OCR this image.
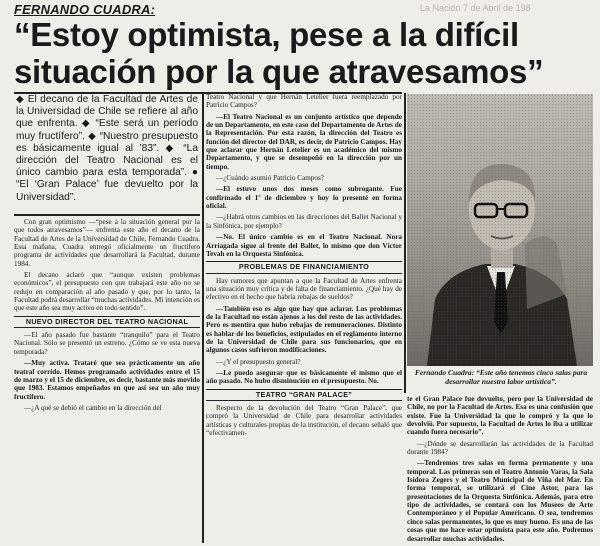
FERNANDO CUADRA:	La Nación 7 de Abril de 198
“Estoy optimista, pese a la difícil
situación por la que atravesamos”
◆ El decano de la Facultad de Artes de la Universidad de Chile se refiere al año que enfrenta. ◆ “Este será un período muy fructífero”. ◆ “Nuestro presupuesto es básicamente igual al ’83”. ◆ “La dirección del Teatro Nacional es el único cambio para esta temporada”. ● “El ‘Gran Palace’ fue devuelto por la Universidad”.

Con gran optimismo —“pese a la situación general por la que todos atravesamos”— enfrenta este año el decano de la Facultad de Artes de la Universidad de Chile, Fernando Cuadra. Esta mañana, Cuadra entregó oficialmente un fructífero programa de actividades que desarrollará la Facultad, durante 1984.

El decano aclaró que “aunque existen problemas económicos”, el presupuesto con que trabajará este año no se redujo en comparación al año pasado y que, por lo tanto, la Facultad podrá desarrollar “muchas actividades. Mi intención es que este año sea muy activo en todo sentido”.

NUEVO DIRECTOR DEL TEATRO NACIONAL

—El año pasado fue bastante “tranquilo” para el Teatro Nacional. Sólo se presentó un estreno. ¿Cómo se ve esta nueva temporada?

—Muy activa. Trataré que sea prácticamente un año teatral corrido. Hemos programado actividades entre el 15 de marzo y el 15 de diciembre, es decir, bastante más movido que 1983. Estamos empeñados en que así sea un año muy fructífero.

—¿A qué se debió el cambio en la dirección del

Teatro Nacional y que Hernán Letelier fuera reemplazado por Patricio Campos?

—El Teatro Nacional es un conjunto artístico que depende de un Departamento, en este caso del Departamento de Artes de la Representación. Por esta razón, la dirección del Teatro es función del director del DAR, es decir, de Patricio Campos. Hay que aclarar que Hernán Letelier es un académico del mismo Departamento, y que se desempeñó en la dirección por un tiempo.

—¿Cuándo asumió Patricio Campos?

—El estuvo unos dos meses como subrogante. Fue confirmado el 1º de diciembre y hoy lo presenté en forma oficial.

—¿Habrá otros cambios en las direcciones del Ballet Nacional y la Sinfónica, por ejemplo?

—No. El único cambio es en el Teatro Nacional. Nora Arriagada sigue al frente del Ballet, lo mismo que don Víctor Tevah en la Orquesta Sinfónica.

PROBLEMAS DE FINANCIAMIENTO

Hay rumores que apuntan a que la Facultad de Artes enfrenta una situación muy crítica y de falta de financiamiento. ¿Qué hay de efectivo en el hecho que habría rebajas de sueldos?

—También eso es algo que hay que aclarar. Los problemas de la Facultad no están ajenos a los del resto de las actividades. Pero es mentira que hubo rebajas de remuneraciones. Distinto es hablar de los beneficios, estipulados en el reglamento interno de la Universidad de Chile para sus funcionarios, que en algunos casos sufrieron modificaciones.

—¿Y el presupuesto general?

—Le puedo asegurar que es básicamente el mismo que el año pasado. No hubo disminución en el presupuesto. No.

TEATRO “GRAN PALACE”

Respecto de la devolución del Teatro “Gran Palace”, que compró la Universidad de Chile para desarrollar actividades artísticas y culturales propias de la institución, el decano señaló que “efectivamen-

Fernando Cuadra: “Este año tenemos cinco salas para desarrollar nuestra labor artística”.

te el Gran Palace fue devuelto, pero por la Universidad de Chile, no por la Facultad de Artes. Esa es una confusión que existe. Fue la Universidad la que lo compró y la que lo devolvió. Por supuesto, la Facultad de Artes lo iba a utilizar cuando fuera necesario”.

—¿Dónde se desarrollarán las actividades de la Facultad durante 1984?

—Tendremos tres salas en forma permanente y una temporal. Las primeras son el Teatro Antonio Varas, la Sala Isidora Zegers y el Teatro Municipal de Viña del Mar. En forma temporal, se utilizará el Cine Astor, para las presentaciones de la Orquesta Sinfónica. Además, para otro tipo de actividades, se contará con los Museos de Arte Contemporáneo y el Popular Americano. O sea, tendremos cinco salas permanentes, lo que es muy bueno. Es una de las cosas que me hace estar optimista para este año. Podremos desarrollar muchas actividades.
